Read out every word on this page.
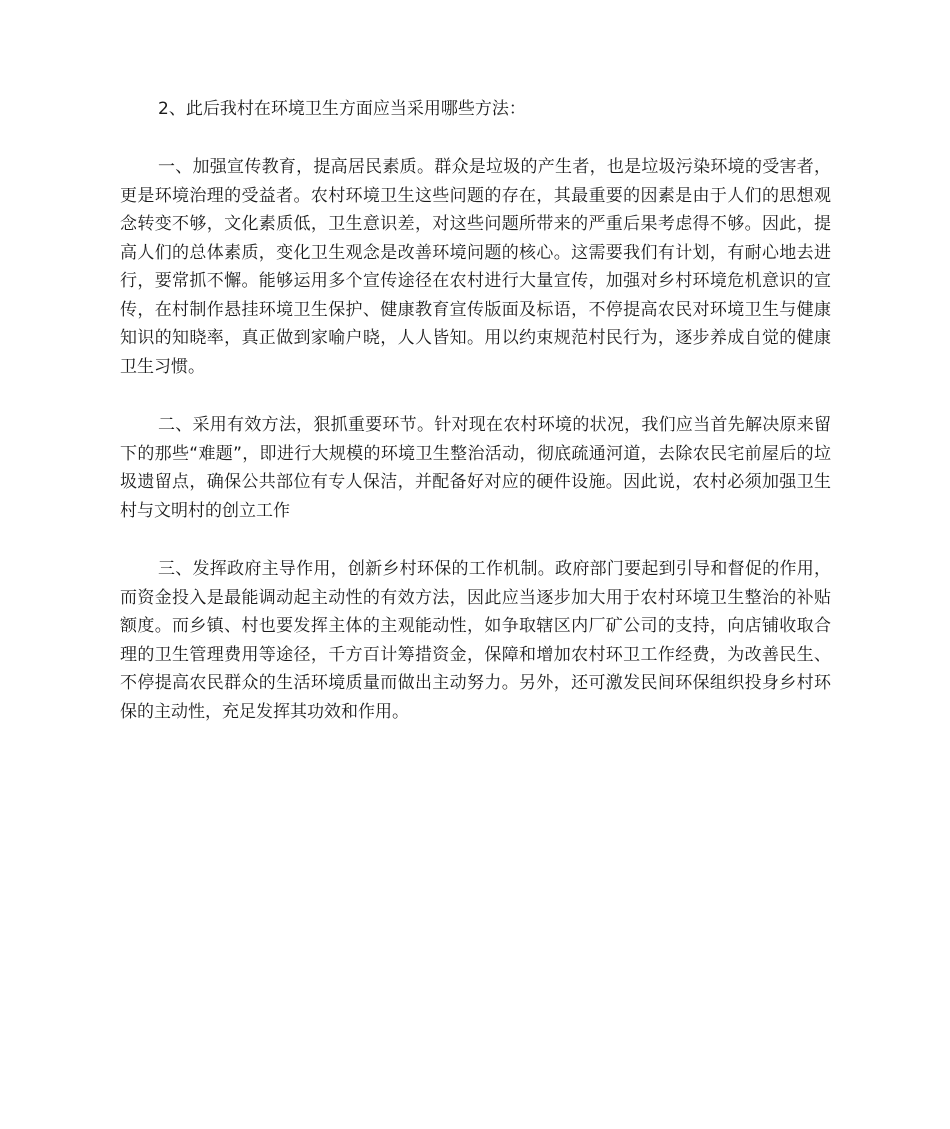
2、此后我村在环境卫生方面应当采用哪些方法：

一、加强宣传教育，提高居民素质。群众是垃圾的产生者，也是垃圾污染环境的受害者，更是环境治理的受益者。农村环境卫生这些问题的存在，其最重要的因素是由于人们的思想观念转变不够，文化素质低，卫生意识差，对这些问题所带来的严重后果考虑得不够。因此，提高人们的总体素质，变化卫生观念是改善环境问题的核心。这需要我们有计划，有耐心地去进行，要常抓不懈。能够运用多个宣传途径在农村进行大量宣传，加强对乡村环境危机意识的宣传，在村制作悬挂环境卫生保护、健康教育宣传版面及标语，不停提高农民对环境卫生与健康知识的知晓率，真正做到家喻户晓，人人皆知。用以约束规范村民行为，逐步养成自觉的健康卫生习惯。

二、采用有效方法，狠抓重要环节。针对现在农村环境的状况，我们应当首先解决原来留下的那些“难题”，即进行大规模的环境卫生整治活动，彻底疏通河道，去除农民宅前屋后的垃圾遗留点，确保公共部位有专人保洁，并配备好对应的硬件设施。因此说，农村必须加强卫生村与文明村的创立工作

三、发挥政府主导作用，创新乡村环保的工作机制。政府部门要起到引导和督促的作用，而资金投入是最能调动起主动性的有效方法，因此应当逐步加大用于农村环境卫生整治的补贴额度。而乡镇、村也要发挥主体的主观能动性，如争取辖区内厂矿公司的支持，向店铺收取合理的卫生管理费用等途径，千方百计筹措资金，保障和增加农村环卫工作经费，为改善民生、不停提高农民群众的生活环境质量而做出主动努力。另外，还可激发民间环保组织投身乡村环保的主动性，充足发挥其功效和作用。
